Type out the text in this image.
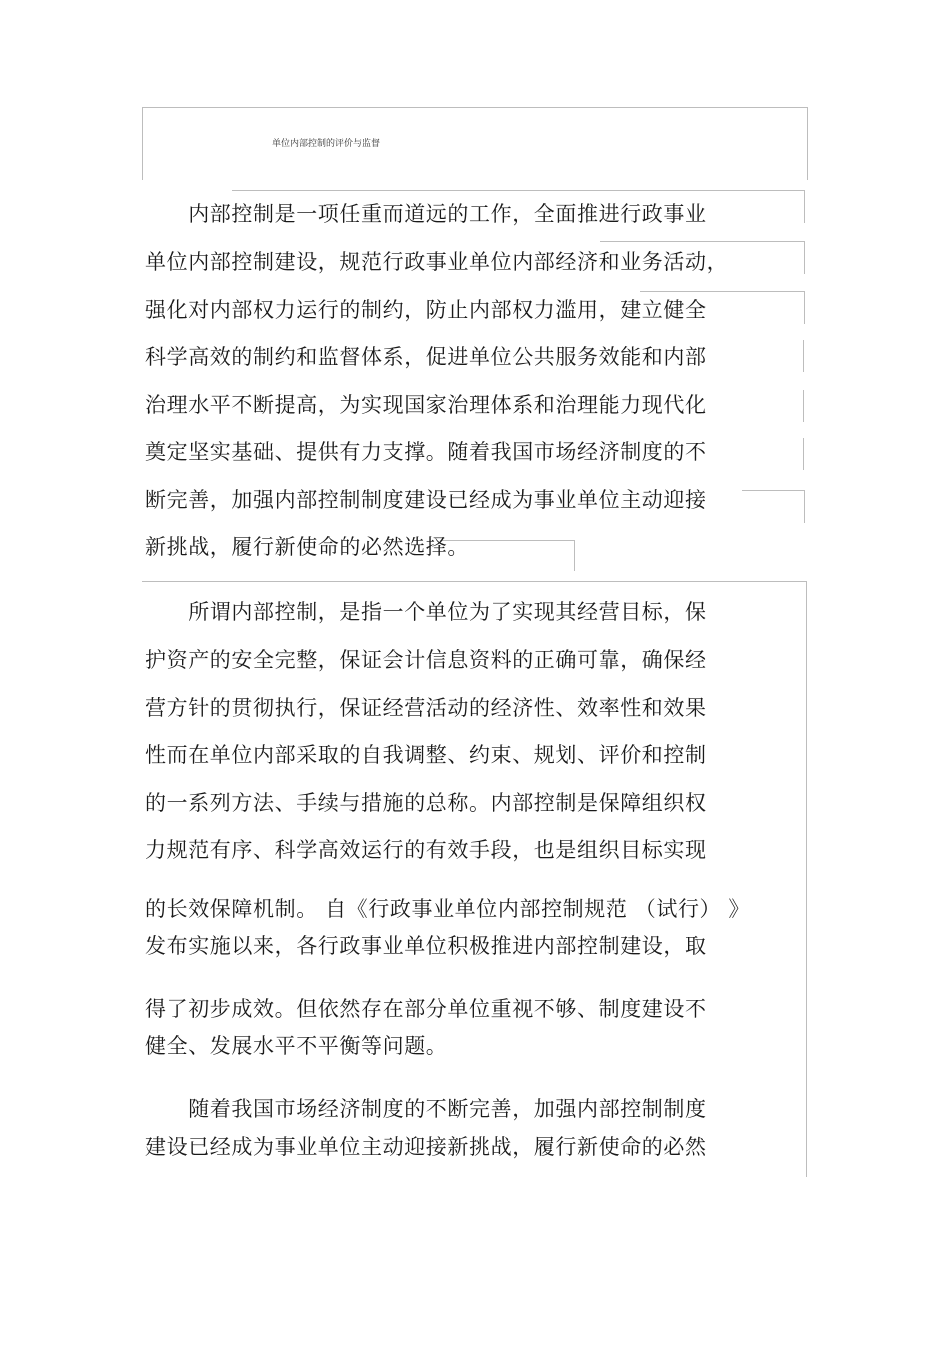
单位内部控制的评价与监督
　　内部控制是一项任重而道远的工作，全面推进行政事业
单位内部控制建设，规范行政事业单位内部经济和业务活动，
强化对内部权力运行的制约，防止内部权力滥用，建立健全
科学高效的制约和监督体系，促进单位公共服务效能和内部
治理水平不断提高，为实现国家治理体系和治理能力现代化
奠定坚实基础、提供有力支撑。随着我国市场经济制度的不
断完善，加强内部控制制度建设已经成为事业单位主动迎接
新挑战，履行新使命的必然选择。
　　所谓内部控制，是指一个单位为了实现其经营目标，保
护资产的安全完整，保证会计信息资料的正确可靠，确保经
营方针的贯彻执行，保证经营活动的经济性、效率性和效果
性而在单位内部采取的自我调整、约束、规划、评价和控制
的一系列方法、手续与措施的总称。内部控制是保障组织权
力规范有序、科学高效运行的有效手段，也是组织目标实现
的长效保障机制。 自《行政事业单位内部控制规范 （试行） 》
发布实施以来，各行政事业单位积极推进内部控制建设，取
得了初步成效。但依然存在部分单位重视不够、制度建设不
健全、发展水平不平衡等问题。
　　随着我国市场经济制度的不断完善，加强内部控制制度
建设已经成为事业单位主动迎接新挑战，履行新使命的必然
